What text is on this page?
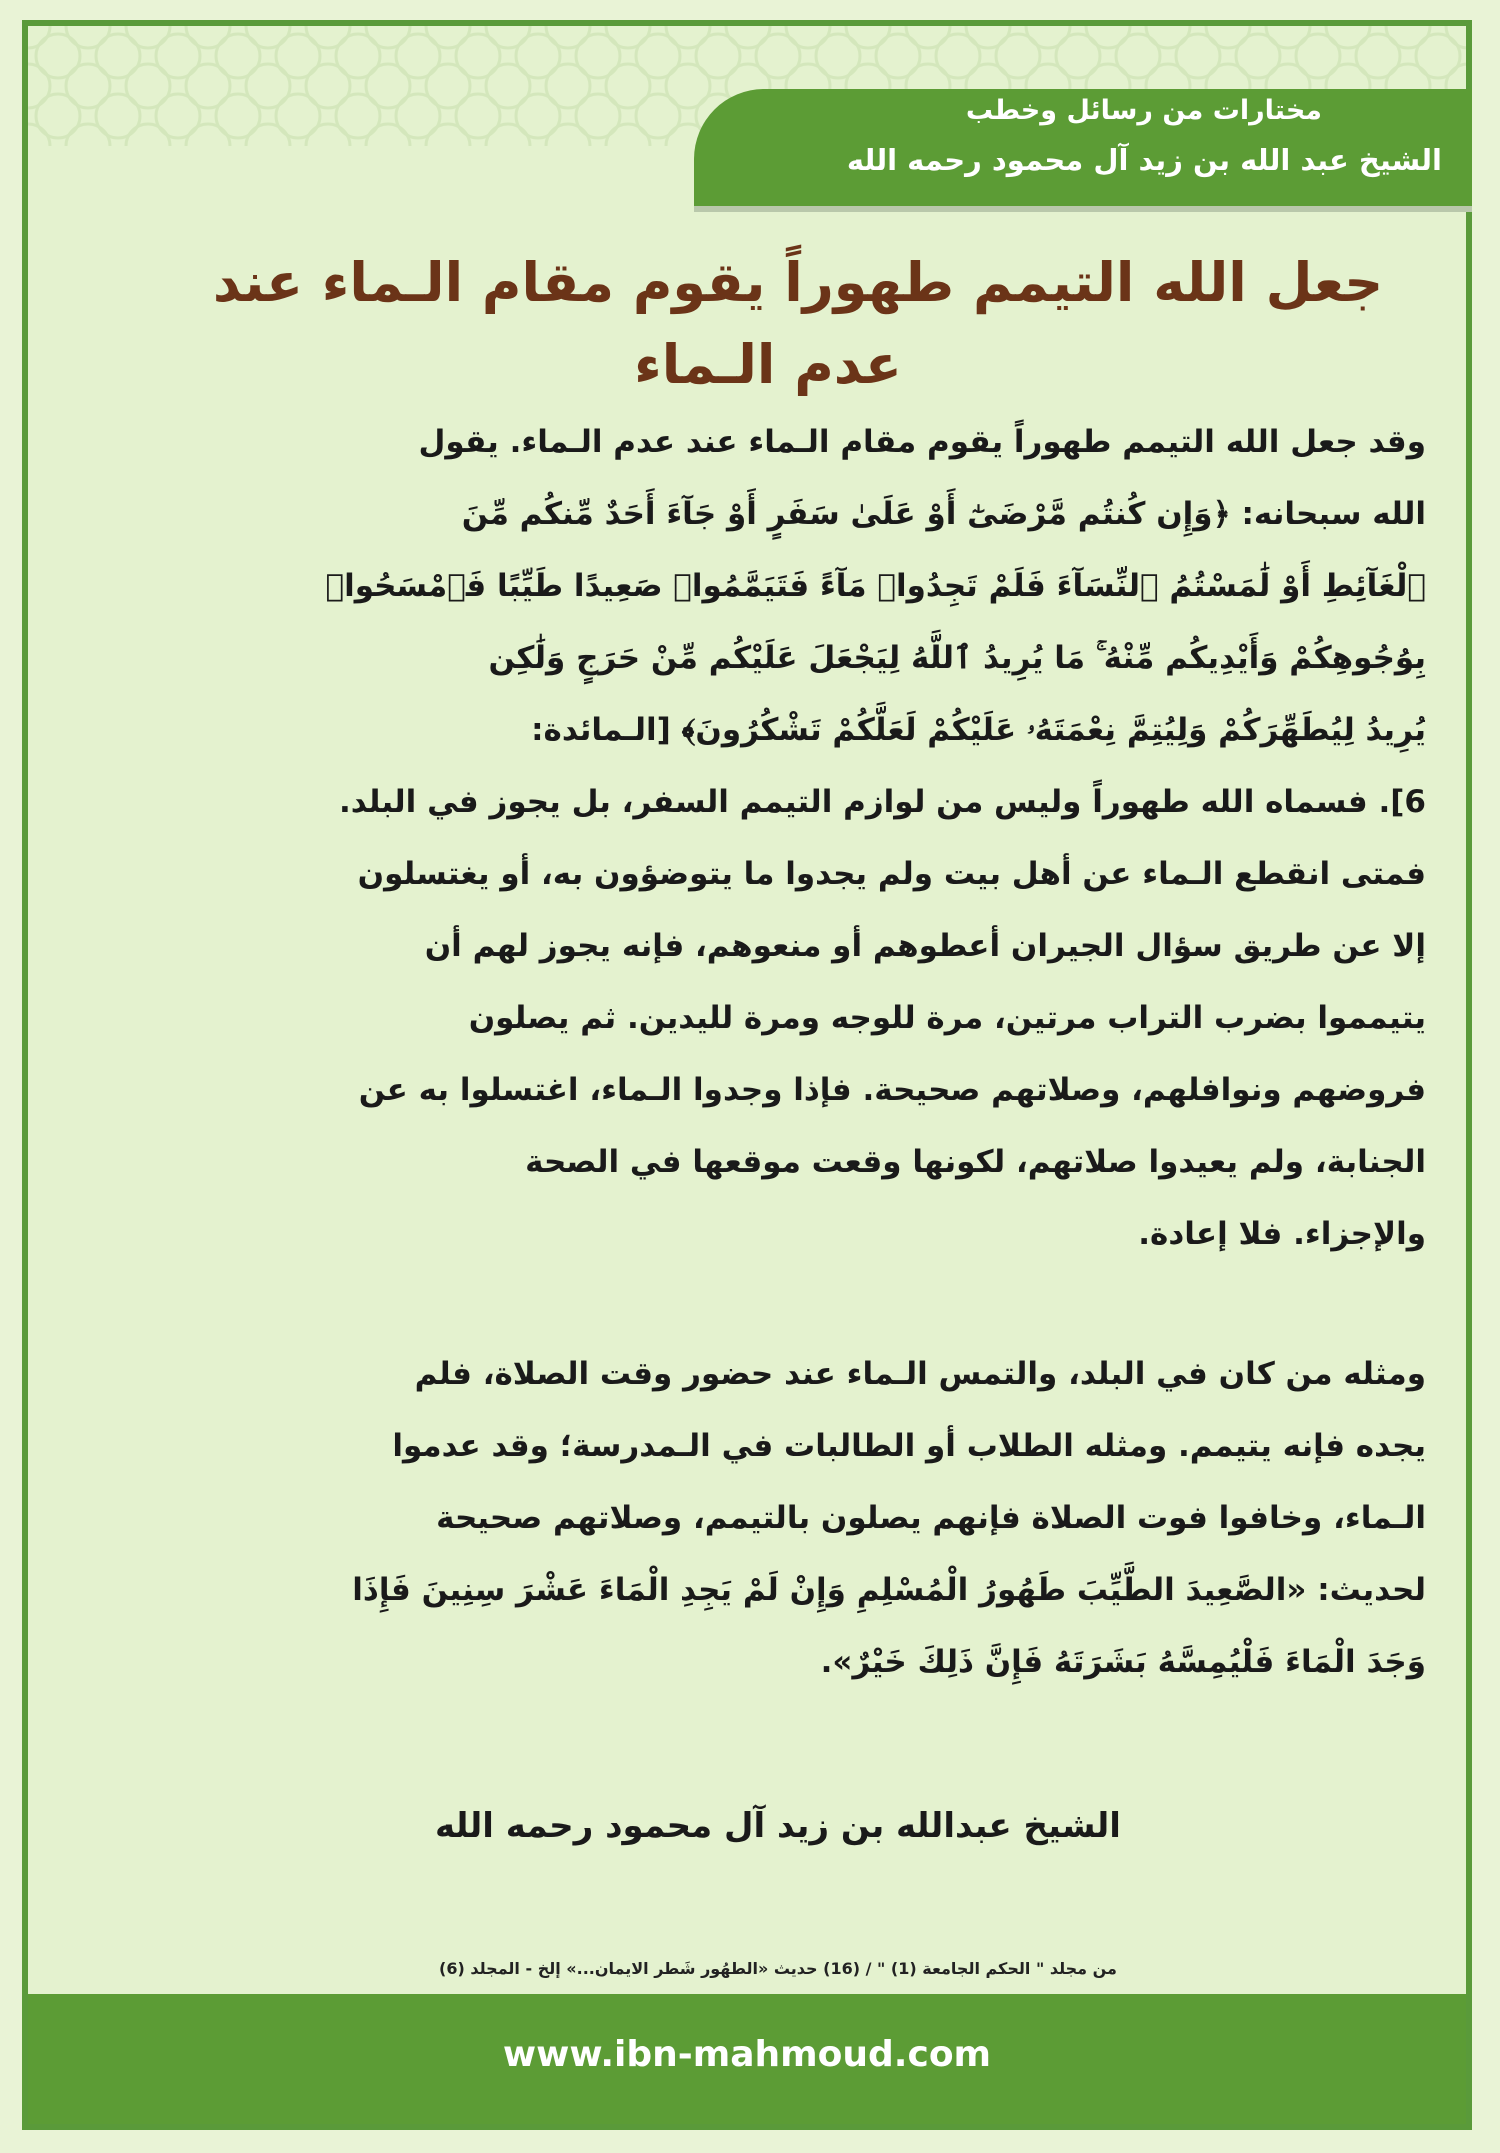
مختارات من رسائل وخطب
الشيخ عبد الله بن زيد آل محمود رحمه الله
جعل الله التيمم طهوراً يقوم مقام الـماء عند
عدم الـماء
وقد جعل الله التيمم طهوراً يقوم مقام الـماء عند عدم الـماء. يقول
الله سبحانه: ﴿وَإِن كُنتُم مَّرْضَىٰٓ أَوْ عَلَىٰ سَفَرٍ أَوْ جَآءَ أَحَدٌ مِّنكُم مِّنَ
ٱلْغَآئِطِ أَوْ لَٰمَسْتُمُ ٱلنِّسَآءَ فَلَمْ تَجِدُوا۟ مَآءً فَتَيَمَّمُوا۟ صَعِيدًا طَيِّبًا فَٱمْسَحُوا۟
بِوُجُوهِكُمْ وَأَيْدِيكُم مِّنْهُ ۚ مَا يُرِيدُ ٱللَّهُ لِيَجْعَلَ عَلَيْكُم مِّنْ حَرَجٍ وَلَٰكِن
يُرِيدُ لِيُطَهِّرَكُمْ وَلِيُتِمَّ نِعْمَتَهُۥ عَلَيْكُمْ لَعَلَّكُمْ تَشْكُرُونَ﴾ [الـمائدة:
6]. فسماه الله طهوراً وليس من لوازم التيمم السفر، بل يجوز في البلد.
فمتى انقطع الـماء عن أهل بيت ولم يجدوا ما يتوضؤون به، أو يغتسلون
إلا عن طريق سؤال الجيران أعطوهم أو منعوهم، فإنه يجوز لهم أن
يتيمموا بضرب التراب مرتين، مرة للوجه ومرة لليدين. ثم يصلون
فروضهم ونوافلهم، وصلاتهم صحيحة. فإذا وجدوا الـماء، اغتسلوا به عن
الجنابة، ولم يعيدوا صلاتهم، لكونها وقعت موقعها في الصحة
والإجزاء. فلا إعادة.
ومثله من كان في البلد، والتمس الـماء عند حضور وقت الصلاة، فلم
يجده فإنه يتيمم. ومثله الطلاب أو الطالبات في الـمدرسة؛ وقد عدموا
الـماء، وخافوا فوت الصلاة فإنهم يصلون بالتيمم، وصلاتهم صحيحة
لحديث: «الصَّعِيدَ الطَّيِّبَ طَهُورُ الْمُسْلِمِ وَإِنْ لَمْ يَجِدِ الْمَاءَ عَشْرَ سِنِينَ فَإِذَا
وَجَدَ الْمَاءَ فَلْيُمِسَّهُ بَشَرَتَهُ فَإِنَّ ذَلِكَ خَيْرٌ».
الشيخ عبدالله بن زيد آل محمود رحمه الله
من مجلد " الحكم الجامعة (1) " / (16) حديث «الطهُور شَطر الايمان...» إلخ - المجلد (6)
www.ibn-mahmoud.com
